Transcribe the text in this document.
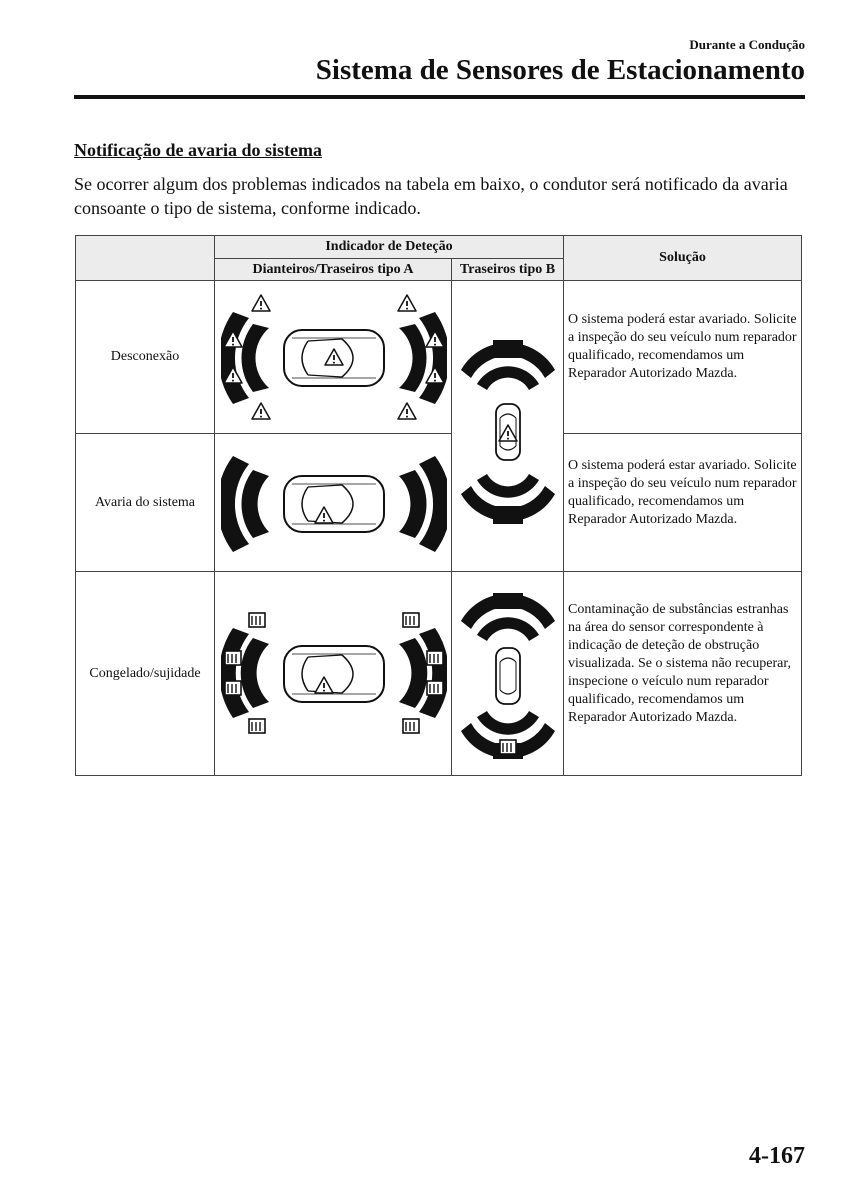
Durante a Condução
Sistema de Sensores de Estacionamento
Notificação de avaria do sistema

Se ocorrer algum dos problemas indicados na tabela em baixo, o condutor será notificado da avaria consoante o tipo de sistema, conforme indicado.

Indicador de Deteção
Dianteiros/Traseiros tipo A	Traseiros tipo B
Solução
Desconexão
O sistema poderá estar avariado. Solicite a inspeção do seu veículo num reparador qualificado, recomendamos um Reparador Autorizado Mazda.
Avaria do sistema
O sistema poderá estar avariado. Solicite a inspeção do seu veículo num reparador qualificado, recomendamos um Reparador Autorizado Mazda.
Congelado/sujidade
Contaminação de substâncias estranhas na área do sensor correspondente à indicação de deteção de obstrução visualizada. Se o sistema não recuperar, inspecione o veículo num reparador qualificado, recomendamos um Reparador Autorizado Mazda.
4-167
